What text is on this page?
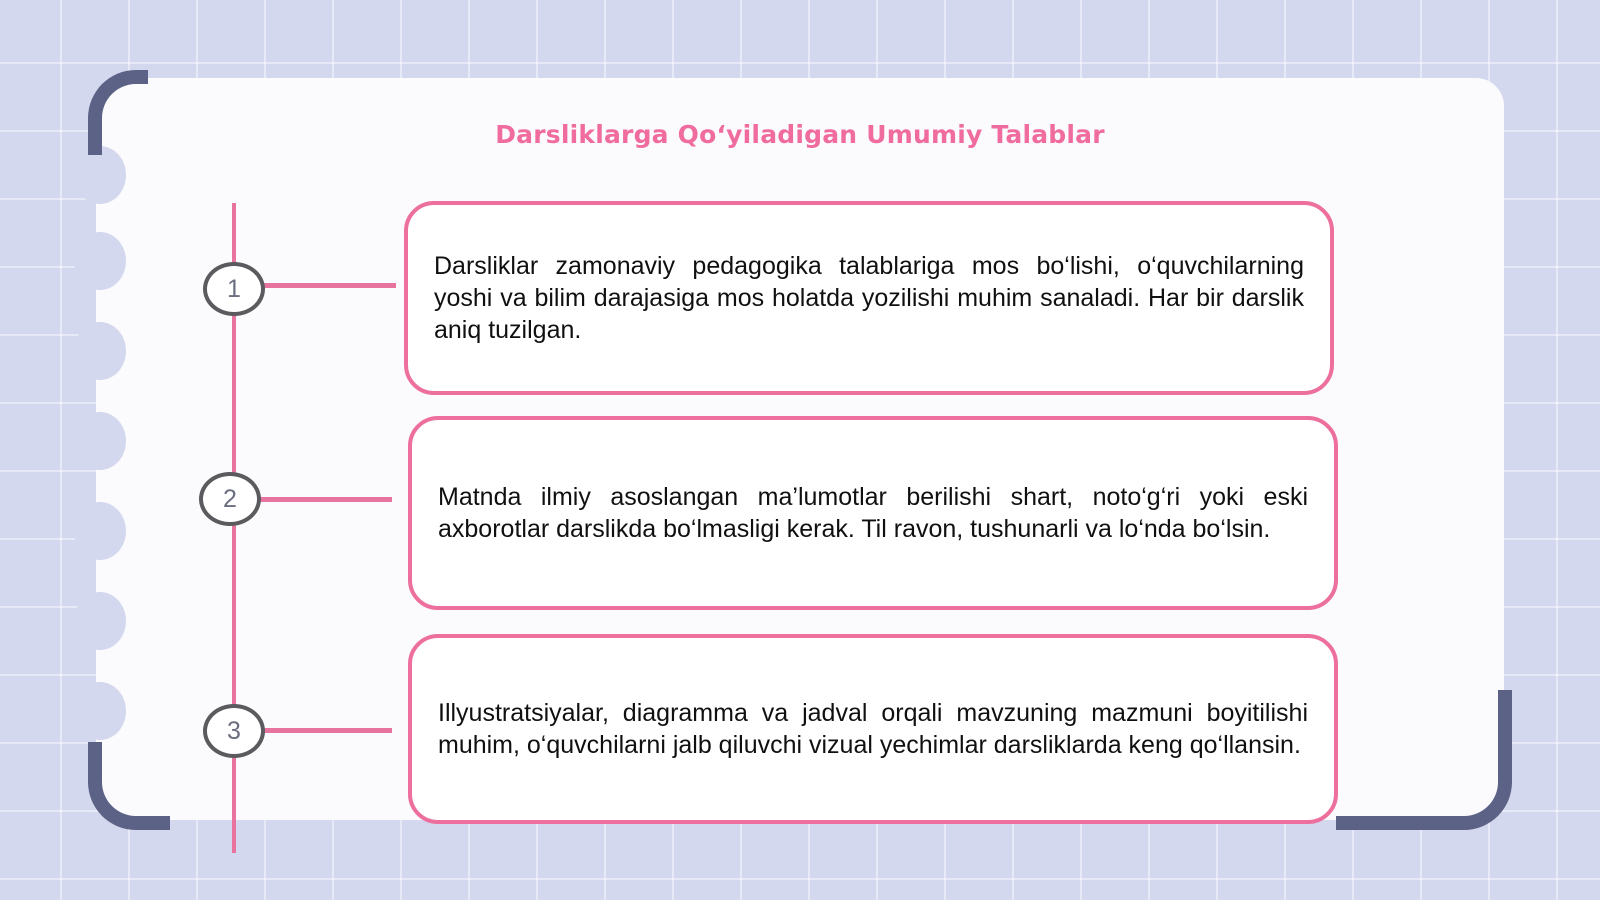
Darsliklarga Qo‘yiladigan Umumiy Talablar
1
Darsliklar zamonaviy pedagogika talablariga mos bo‘lishi, o‘quvchilarning yoshi va bilim darajasiga mos holatda yozilishi muhim sanaladi. Har bir darslik aniq tuzilgan.
2	Matnda ilmiy asoslangan ma’lumotlar berilishi shart, noto‘g‘ri yoki eski axborotlar darslikda bo‘lmasligi kerak. Til ravon, tushunarli va lo‘nda bo‘lsin.
3
Illyustratsiyalar, diagramma va jadval orqali mavzuning mazmuni boyitilishi muhim, o‘quvchilarni jalb qiluvchi vizual yechimlar darsliklarda keng qo‘llansin.
